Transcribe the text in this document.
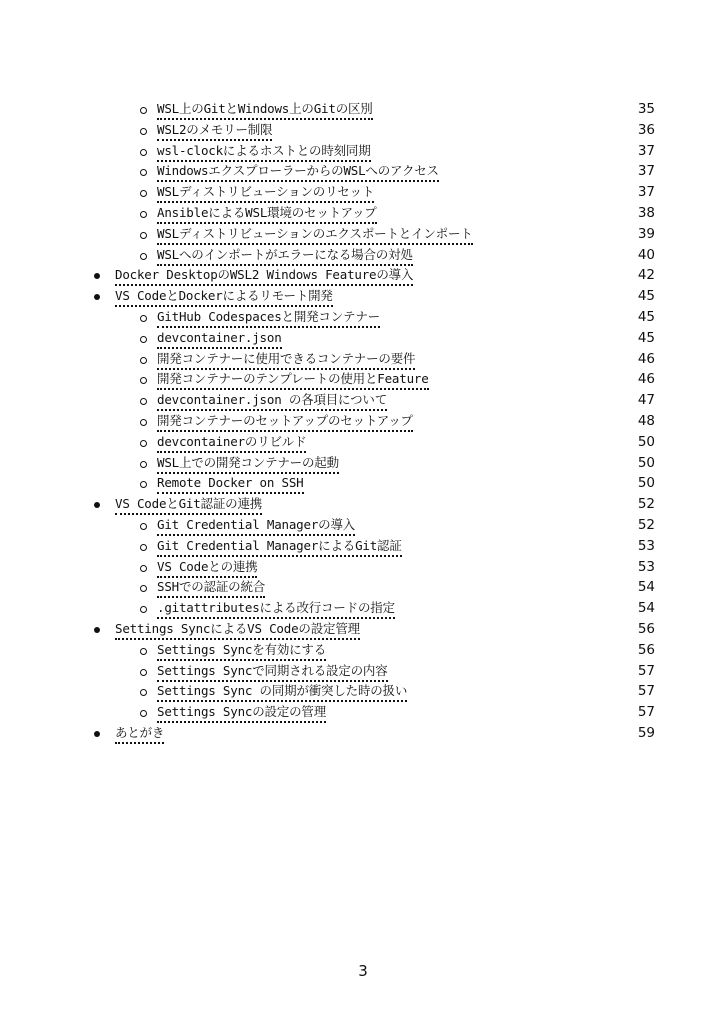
WSL上のGitとWindows上のGitの区別	35
WSL2のメモリー制限	36
wsl-clockによるホストとの時刻同期	37
WindowsエクスプローラーからのWSLへのアクセス	37
WSLディストリビューションのリセット	37
AnsibleによるWSL環境のセットアップ	38
WSLディストリビューションのエクスポートとインポート	39
WSLへのインポートがエラーになる場合の対処	40
Docker DesktopのWSL2 Windows Featureの導入	42
VS CodeとDockerによるリモート開発	45
GitHub Codespacesと開発コンテナー	45
devcontainer.json	45
開発コンテナーに使用できるコンテナーの要件	46
開発コンテナーのテンプレートの使用とFeature	46
devcontainer.json の各項目について	47
開発コンテナーのセットアップのセットアップ	48
devcontainerのリビルド	50
WSL上での開発コンテナーの起動	50
Remote Docker on SSH	50
VS CodeとGit認証の連携	52
Git Credential Managerの導入	52
Git Credential ManagerによるGit認証	53
VS Codeとの連携	53
SSHでの認証の統合	54
.gitattributesによる改行コードの指定	54
Settings SyncによるVS Codeの設定管理	56
Settings Syncを有効にする	56
Settings Syncで同期される設定の内容	57
Settings Sync の同期が衝突した時の扱い	57
Settings Syncの設定の管理	57
あとがき	59
3
